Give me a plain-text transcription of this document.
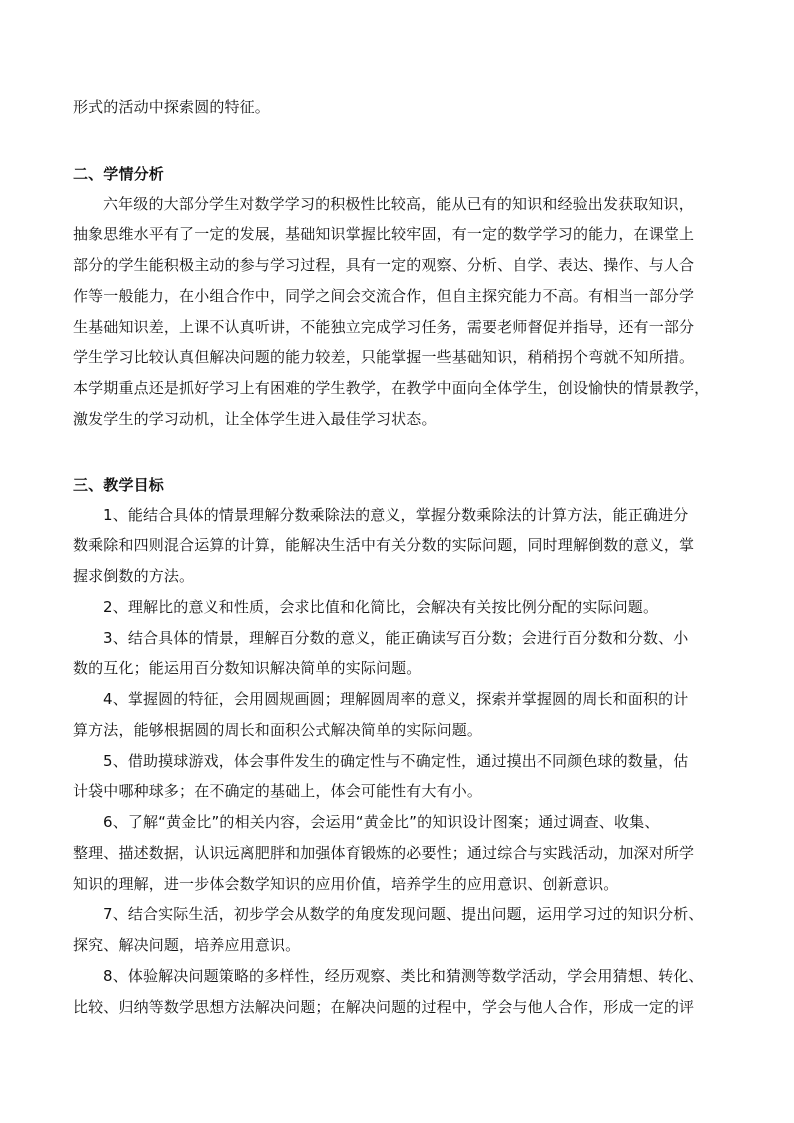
形式的活动中探索圆的特征。
二、学情分析
六年级的大部分学生对数学学习的积极性比较高，能从已有的知识和经验出发获取知识，
抽象思维水平有了一定的发展，基础知识掌握比较牢固，有一定的数学学习的能力，在课堂上
部分的学生能积极主动的参与学习过程，具有一定的观察、分析、自学、表达、操作、与人合
作等一般能力，在小组合作中，同学之间会交流合作，但自主探究能力不高。有相当一部分学
生基础知识差，上课不认真听讲，不能独立完成学习任务，需要老师督促并指导，还有一部分
学生学习比较认真但解决问题的能力较差，只能掌握一些基础知识，稍稍拐个弯就不知所措。
本学期重点还是抓好学习上有困难的学生教学，在教学中面向全体学生，创设愉快的情景教学，
激发学生的学习动机，让全体学生进入最佳学习状态。
三、教学目标
1、能结合具体的情景理解分数乘除法的意义，掌握分数乘除法的计算方法，能正确进分
数乘除和四则混合运算的计算，能解决生活中有关分数的实际问题，同时理解倒数的意义，掌
握求倒数的方法。
2、理解比的意义和性质，会求比值和化简比，会解决有关按比例分配的实际问题。
3、结合具体的情景，理解百分数的意义，能正确读写百分数；会进行百分数和分数、小
数的互化；能运用百分数知识解决简单的实际问题。
4、掌握圆的特征，会用圆规画圆；理解圆周率的意义，探索并掌握圆的周长和面积的计
算方法，能够根据圆的周长和面积公式解决简单的实际问题。
5、借助摸球游戏，体会事件发生的确定性与不确定性，通过摸出不同颜色球的数量，估
计袋中哪种球多；在不确定的基础上，体会可能性有大有小。
6、了解“黄金比”的相关内容，会运用“黄金比”的知识设计图案；通过调查、收集、
整理、描述数据，认识远离肥胖和加强体育锻炼的必要性；通过综合与实践活动，加深对所学
知识的理解，进一步体会数学知识的应用价值，培养学生的应用意识、创新意识。
7、结合实际生活，初步学会从数学的角度发现问题、提出问题，运用学习过的知识分析、
探究、解决问题，培养应用意识。
8、体验解决问题策略的多样性，经历观察、类比和猜测等数学活动，学会用猜想、转化、
比较、归纳等数学思想方法解决问题；在解决问题的过程中，学会与他人合作，形成一定的评
